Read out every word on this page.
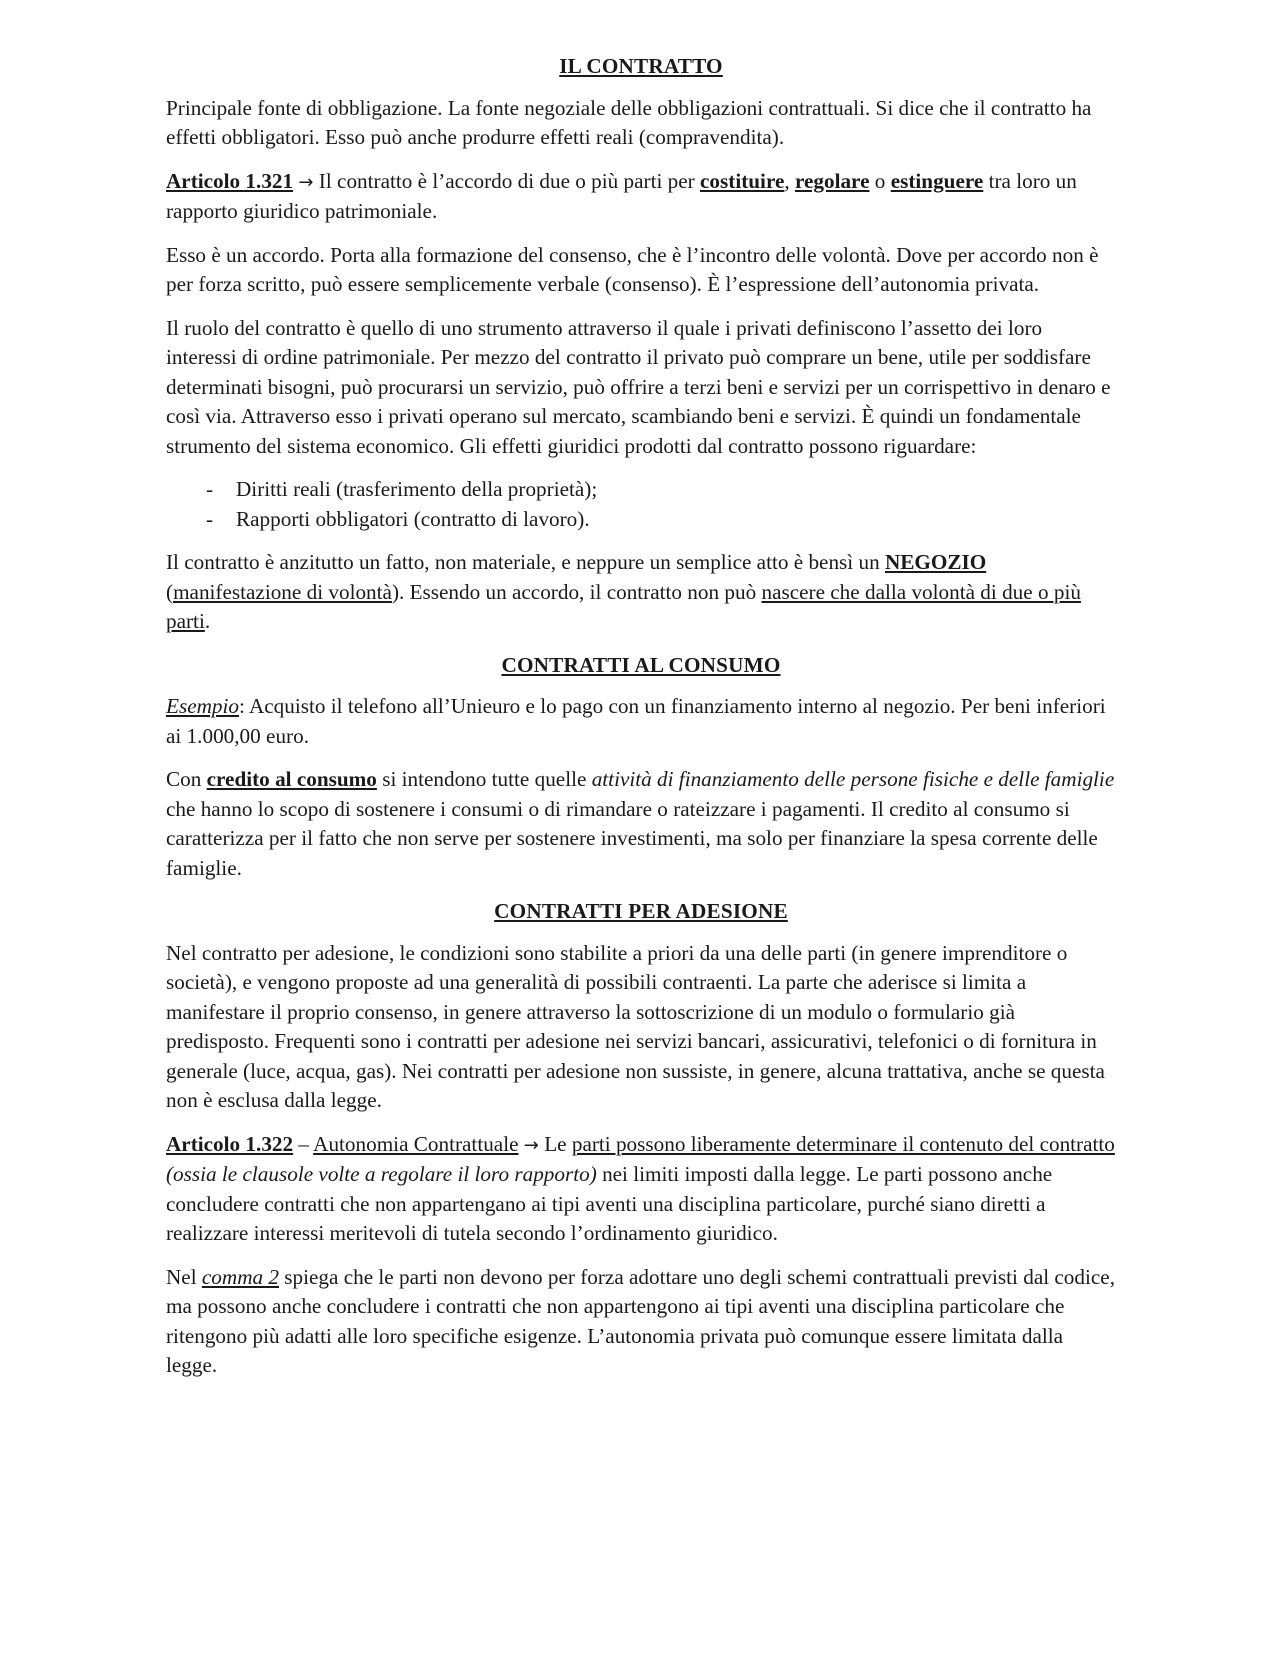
IL CONTRATTO

Principale fonte di obbligazione. La fonte negoziale delle obbligazioni contrattuali. Si dice che il contratto ha effetti obbligatori. Esso può anche produrre effetti reali (compravendita).

Articolo 1.321 → Il contratto è l’accordo di due o più parti per costituire, regolare o estinguere tra loro un rapporto giuridico patrimoniale.

Esso è un accordo. Porta alla formazione del consenso, che è l’incontro delle volontà. Dove per accordo non è per forza scritto, può essere semplicemente verbale (consenso). È l’espressione dell’autonomia privata.

Il ruolo del contratto è quello di uno strumento attraverso il quale i privati definiscono l’assetto dei loro interessi di ordine patrimoniale. Per mezzo del contratto il privato può comprare un bene, utile per soddisfare determinati bisogni, può procurarsi un servizio, può offrire a terzi beni e servizi per un corrispettivo in denaro e così via. Attraverso esso i privati operano sul mercato, scambiando beni e servizi. È quindi un fondamentale strumento del sistema economico. Gli effetti giuridici prodotti dal contratto possono riguardare:

- Diritti reali (trasferimento della proprietà);
- Rapporti obbligatori (contratto di lavoro).

Il contratto è anzitutto un fatto, non materiale, e neppure un semplice atto è bensì un NEGOZIO (manifestazione di volontà). Essendo un accordo, il contratto non può nascere che dalla volontà di due o più parti.

CONTRATTI AL CONSUMO

Esempio: Acquisto il telefono all’Unieuro e lo pago con un finanziamento interno al negozio. Per beni inferiori ai 1.000,00 euro.

Con credito al consumo si intendono tutte quelle attività di finanziamento delle persone fisiche e delle famiglie che hanno lo scopo di sostenere i consumi o di rimandare o rateizzare i pagamenti. Il credito al consumo si caratterizza per il fatto che non serve per sostenere investimenti, ma solo per finanziare la spesa corrente delle famiglie.

CONTRATTI PER ADESIONE

Nel contratto per adesione, le condizioni sono stabilite a priori da una delle parti (in genere imprenditore o società), e vengono proposte ad una generalità di possibili contraenti. La parte che aderisce si limita a manifestare il proprio consenso, in genere attraverso la sottoscrizione di un modulo o formulario già predisposto. Frequenti sono i contratti per adesione nei servizi bancari, assicurativi, telefonici o di fornitura in generale (luce, acqua, gas). Nei contratti per adesione non sussiste, in genere, alcuna trattativa, anche se questa non è esclusa dalla legge.

Articolo 1.322 – Autonomia Contrattuale → Le parti possono liberamente determinare il contenuto del contratto (ossia le clausole volte a regolare il loro rapporto) nei limiti imposti dalla legge. Le parti possono anche concludere contratti che non appartengano ai tipi aventi una disciplina particolare, purché siano diretti a realizzare interessi meritevoli di tutela secondo l’ordinamento giuridico.

Nel comma 2 spiega che le parti non devono per forza adottare uno degli schemi contrattuali previsti dal codice, ma possono anche concludere i contratti che non appartengono ai tipi aventi una disciplina particolare che ritengono più adatti alle loro specifiche esigenze. L’autonomia privata può comunque essere limitata dalla legge.
